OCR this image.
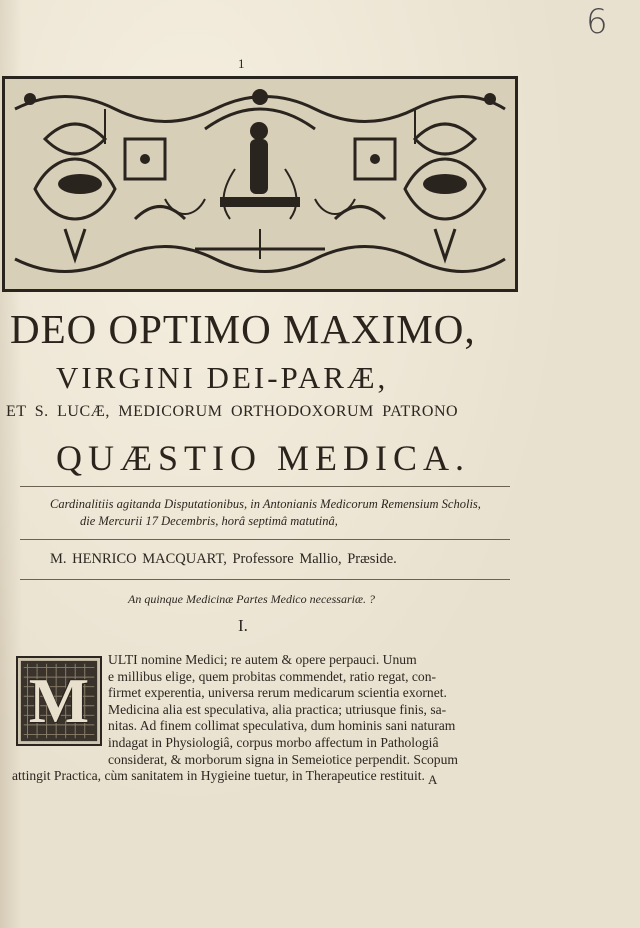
6
1
DEO OPTIMO MAXIMO,
VIRGINI DEI-PARÆ,
ET S. LUCÆ, MEDICORUM ORTHODOXORUM PATRONO
QUÆSTIO MEDICA.
Cardinalitiis agitanda Disputationibus, in Antonianis Medicorum Remensium Scholis,
die Mercurii 17 Decembris, horâ septimâ matutinâ,
M. HENRICO MACQUART, Professore Mallio, Præside.
An quinque Medicinæ Partes Medico necessariæ. ?
I.
M
ULTI nomine Medici; re autem & opere perpauci. Unum
e millibus elige, quem probitas commendet, ratio regat, con-
firmet experentia, universa rerum medicarum scientia exornet.
Medicina alia est speculativa, alia practica; utriusque finis, sa-
nitas. Ad finem collimat speculativa, dum hominis sani naturam
indagat in Physiologiâ, corpus morbo affectum in Pathologiâ
considerat, & morborum signa in Semeiotice perpendit. Scopum
attingit Practica, cùm sanitatem in Hygieine tuetur, in Therapeutice restituit. A
